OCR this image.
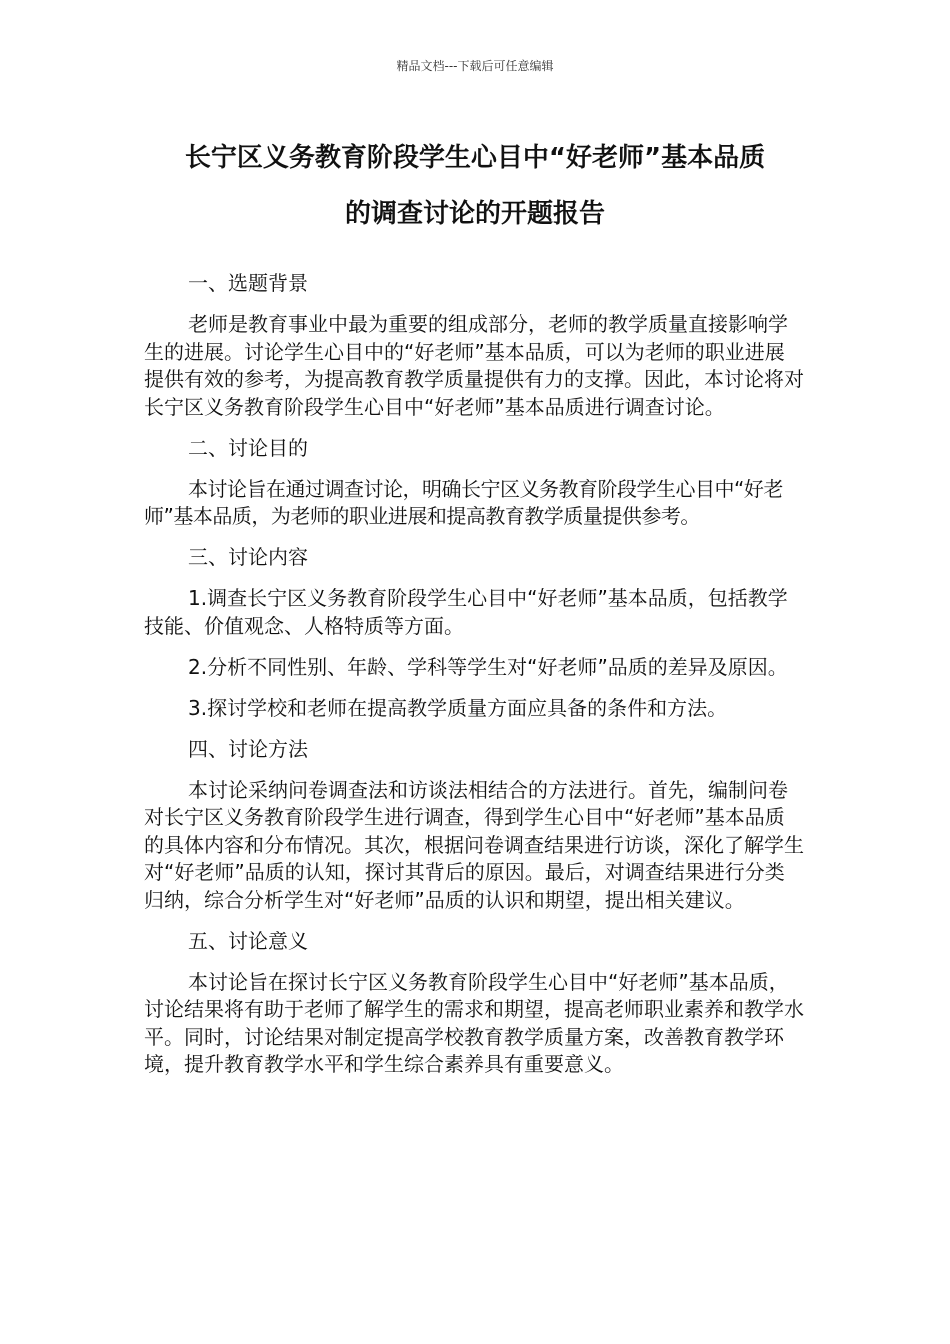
精品文档---下载后可任意编辑
长宁区义务教育阶段学生心目中“好老师”基本品质
的调查讨论的开题报告

一、选题背景

老师是教育事业中最为重要的组成部分，老师的教学质量直接影响学生的进展。讨论学生心目中的“好老师”基本品质，可以为老师的职业进展提供有效的参考，为提高教育教学质量提供有力的支撑。因此，本讨论将对长宁区义务教育阶段学生心目中“好老师”基本品质进行调查讨论。

二、讨论目的

本讨论旨在通过调查讨论，明确长宁区义务教育阶段学生心目中“好老师”基本品质，为老师的职业进展和提高教育教学质量提供参考。

三、讨论内容

1.调查长宁区义务教育阶段学生心目中“好老师”基本品质，包括教学技能、价值观念、人格特质等方面。

2.分析不同性别、年龄、学科等学生对“好老师”品质的差异及原因。

3.探讨学校和老师在提高教学质量方面应具备的条件和方法。

四、讨论方法

本讨论采纳问卷调查法和访谈法相结合的方法进行。首先，编制问卷对长宁区义务教育阶段学生进行调查，得到学生心目中“好老师”基本品质的具体内容和分布情况。其次，根据问卷调查结果进行访谈，深化了解学生对“好老师”品质的认知，探讨其背后的原因。最后，对调查结果进行分类归纳，综合分析学生对“好老师”品质的认识和期望，提出相关建议。

五、讨论意义

本讨论旨在探讨长宁区义务教育阶段学生心目中“好老师”基本品质，讨论结果将有助于老师了解学生的需求和期望，提高老师职业素养和教学水平。同时，讨论结果对制定提高学校教育教学质量方案，改善教育教学环境，提升教育教学水平和学生综合素养具有重要意义。
